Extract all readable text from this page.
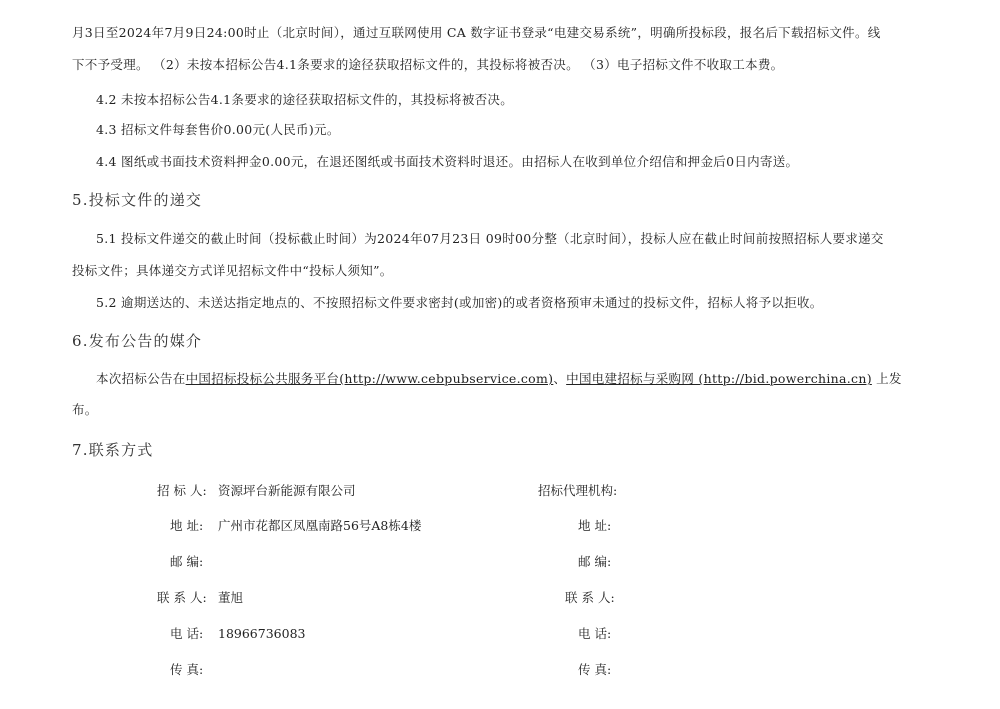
月3日至2024年7月9日24:00时止（北京时间），通过互联网使用 CA 数字证书登录“电建交易系统”，明确所投标段，报名后下载招标文件。线
下不予受理。 （2）未按本招标公告4.1条要求的途径获取招标文件的，其投标将被否决。 （3）电子招标文件不收取工本费。
4.2 未按本招标公告4.1条要求的途径获取招标文件的，其投标将被否决。
4.3 招标文件每套售价0.00元(人民币)元。
4.4 图纸或书面技术资料押金0.00元，在退还图纸或书面技术资料时退还。由招标人在收到单位介绍信和押金后0日内寄送。
5.投标文件的递交
5.1 投标文件递交的截止时间（投标截止时间）为2024年07月23日 09时00分整（北京时间），投标人应在截止时间前按照招标人要求递交
投标文件；具体递交方式详见招标文件中“投标人须知”。
5.2 逾期送达的、未送达指定地点的、不按照招标文件要求密封(或加密)的或者资格预审未通过的投标文件，招标人将予以拒收。
6.发布公告的媒介
本次招标公告在中国招标投标公共服务平台(http://www.cebpubservice.com)、中国电建招标与采购网 (http://bid.powerchina.cn) 上发
布。
7.联系方式
招 标 人: 资源坪台新能源有限公司
地 址: 广州市花都区凤凰南路56号A8栋4楼
邮 编:
联 系 人: 董旭
电 话: 18966736083
传 真:
招标代理机构:
地 址:
邮 编:
联 系 人:
电 话:
传 真:
